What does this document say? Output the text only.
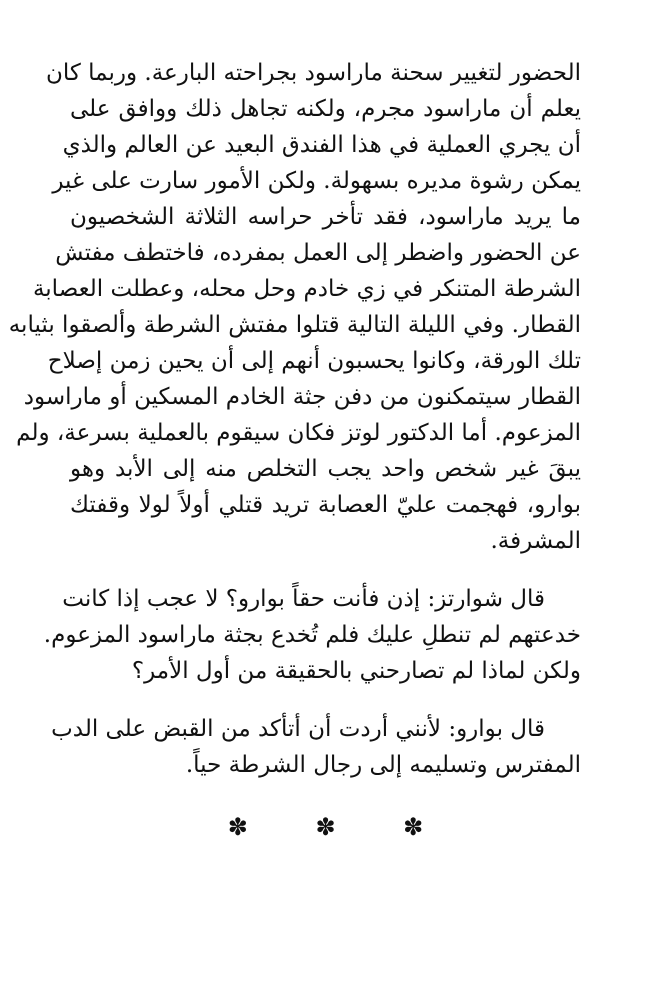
الحضور لتغيير سحنة ماراسود بجراحته البارعة. وربما كان
يعلم أن ماراسود مجرم، ولكنه تجاهل ذلك ووافق على
أن يجري العملية في هذا الفندق البعيد عن العالم والذي
يمكن رشوة مديره بسهولة. ولكن الأمور سارت على غير
ما يريد ماراسود، فقد تأخر حراسه الثلاثة الشخصيون
عن الحضور واضطر إلى العمل بمفرده، فاختطف مفتش
الشرطة المتنكر في زي خادم وحل محله، وعطلت العصابة
القطار. وفي الليلة التالية قتلوا مفتش الشرطة وألصقوا بثيابه
تلك الورقة، وكانوا يحسبون أنهم إلى أن يحين زمن إصلاح
القطار سيتمكنون من دفن جثة الخادم المسكين أو ماراسود
المزعوم. أما الدكتور لوتز فكان سيقوم بالعملية بسرعة، ولم
يبقَ غير شخص واحد يجب التخلص منه إلى الأبد وهو
بوارو، فهجمت عليّ العصابة تريد قتلي أولاً لولا وقفتك
المشرفة.

قال شوارتز: إذن فأنت حقاً بوارو؟ لا عجب إذا كانت
خدعتهم لم تنطلِ عليك فلم تُخدع بجثة ماراسود المزعوم.
ولكن لماذا لم تصارحني بالحقيقة من أول الأمر؟

قال بوارو: لأنني أردت أن أتأكد من القبض على الدب
المفترس وتسليمه إلى رجال الشرطة حياً.

✽ ✽ ✽
